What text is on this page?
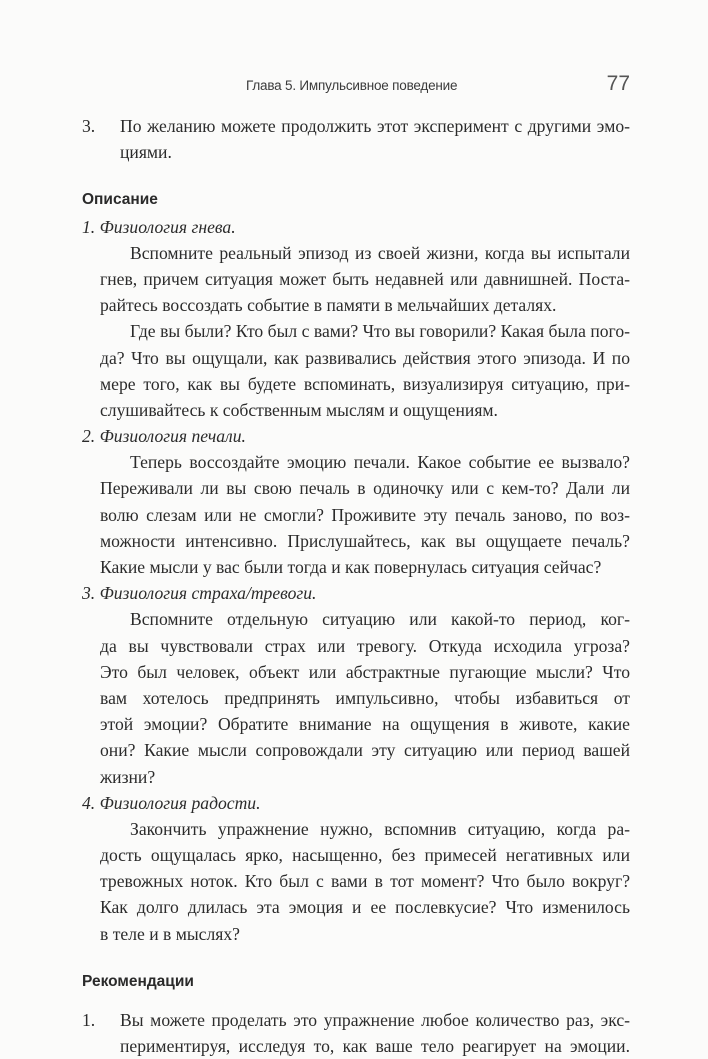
Глава 5. Импульсивное поведение	77
3. По желанию можете продолжить этот эксперимент с другими эмо-
циями.
Описание
1. Физиология гнева.
Вспомните реальный эпизод из своей жизни, когда вы испытали
гнев, причем ситуация может быть недавней или давнишней. Поста-
райтесь воссоздать событие в памяти в мельчайших деталях.
Где вы были? Кто был с вами? Что вы говорили? Какая была пого-
да? Что вы ощущали, как развивались действия этого эпизода. И по
мере того, как вы будете вспоминать, визуализируя ситуацию, при-
слушивайтесь к собственным мыслям и ощущениям.
2. Физиология печали.
Теперь воссоздайте эмоцию печали. Какое событие ее вызвало?
Переживали ли вы свою печаль в одиночку или с кем-то? Дали ли
волю слезам или не смогли? Проживите эту печаль заново, по воз-
можности интенсивно. Прислушайтесь, как вы ощущаете печаль?
Какие мысли у вас были тогда и как повернулась ситуация сейчас?
3. Физиология страха/тревоги.
Вспомните отдельную ситуацию или какой-то период, ког-
да вы чувствовали страх или тревогу. Откуда исходила угроза?
Это был человек, объект или абстрактные пугающие мысли? Что
вам хотелось предпринять импульсивно, чтобы избавиться от
этой эмоции? Обратите внимание на ощущения в животе, какие
они? Какие мысли сопровождали эту ситуацию или период вашей
жизни?
4. Физиология радости.
Закончить упражнение нужно, вспомнив ситуацию, когда ра-
дость ощущалась ярко, насыщенно, без примесей негативных или
тревожных ноток. Кто был с вами в тот момент? Что было вокруг?
Как долго длилась эта эмоция и ее послевкусие? Что изменилось
в теле и в мыслях?
Рекомендации
1. Вы можете проделать это упражнение любое количество раз, экс-
периментируя, исследуя то, как ваше тело реагирует на эмоции.
